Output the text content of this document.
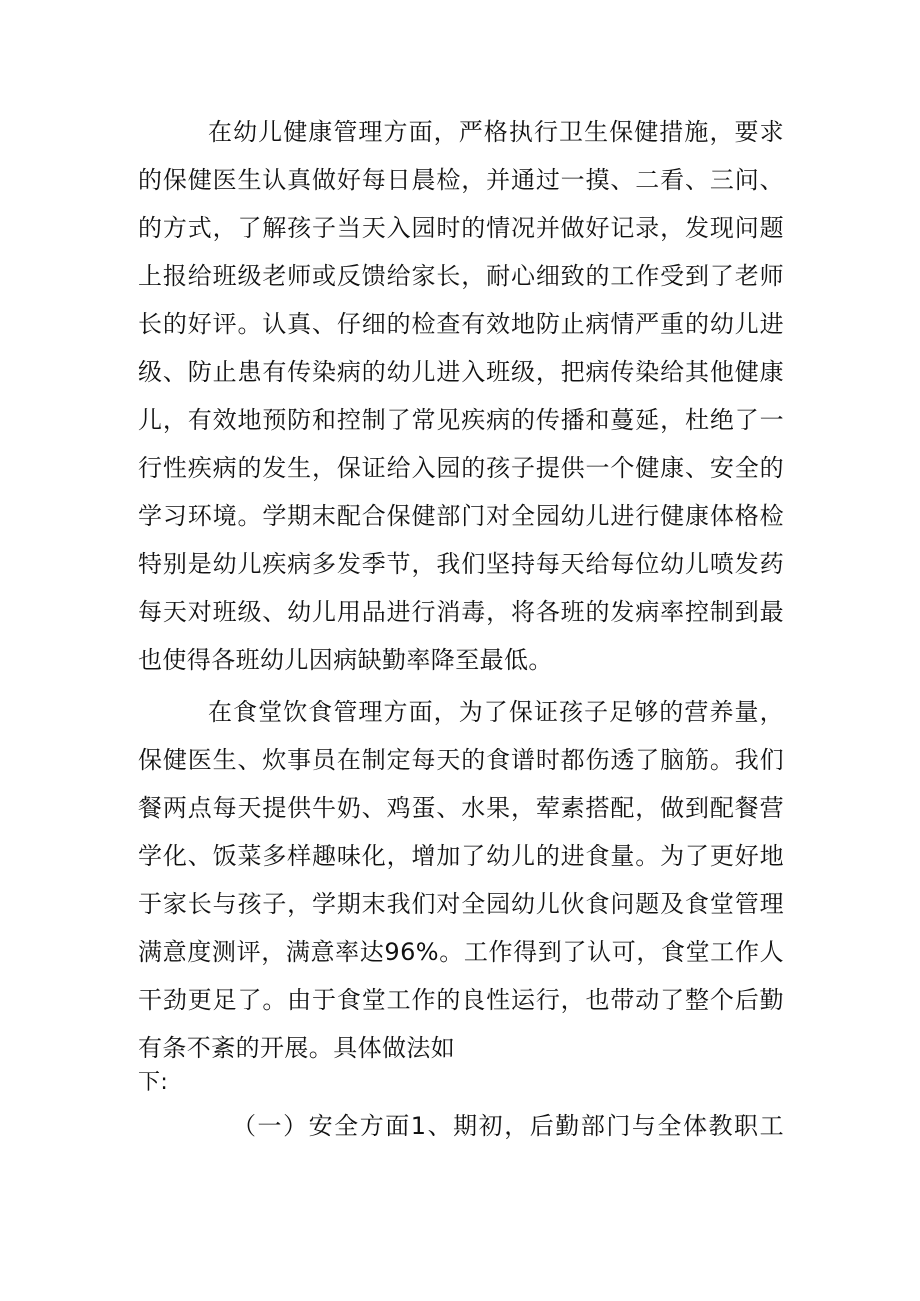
在幼儿健康管理方面，严格执行卫生保健措施，要求
的保健医生认真做好每日晨检，并通过一摸、二看、三问、
的方式，了解孩子当天入园时的情况并做好记录，发现问题
上报给班级老师或反馈给家长，耐心细致的工作受到了老师
长的好评。认真、仔细的检查有效地防止病情严重的幼儿进
级、防止患有传染病的幼儿进入班级，把病传染给其他健康
儿，有效地预防和控制了常见疾病的传播和蔓延，杜绝了一
行性疾病的发生，保证给入园的孩子提供一个健康、安全的
学习环境。学期末配合保健部门对全园幼儿进行健康体格检
特别是幼儿疾病多发季节，我们坚持每天给每位幼儿喷发药
每天对班级、幼儿用品进行消毒，将各班的发病率控制到最
也使得各班幼儿因病缺勤率降至最低。
在食堂饮食管理方面，为了保证孩子足够的营养量，
保健医生、炊事员在制定每天的食谱时都伤透了脑筋。我们
餐两点每天提供牛奶、鸡蛋、水果，荤素搭配，做到配餐营
学化、饭菜多样趣味化，增加了幼儿的进食量。为了更好地
于家长与孩子，学期末我们对全园幼儿伙食问题及食堂管理
满意度测评，满意率达96%。工作得到了认可，食堂工作人
干劲更足了。由于食堂工作的良性运行，也带动了整个后勤
有条不紊的开展。具体做法如
下:
（一）安全方面1、期初，后勤部门与全体教职工
